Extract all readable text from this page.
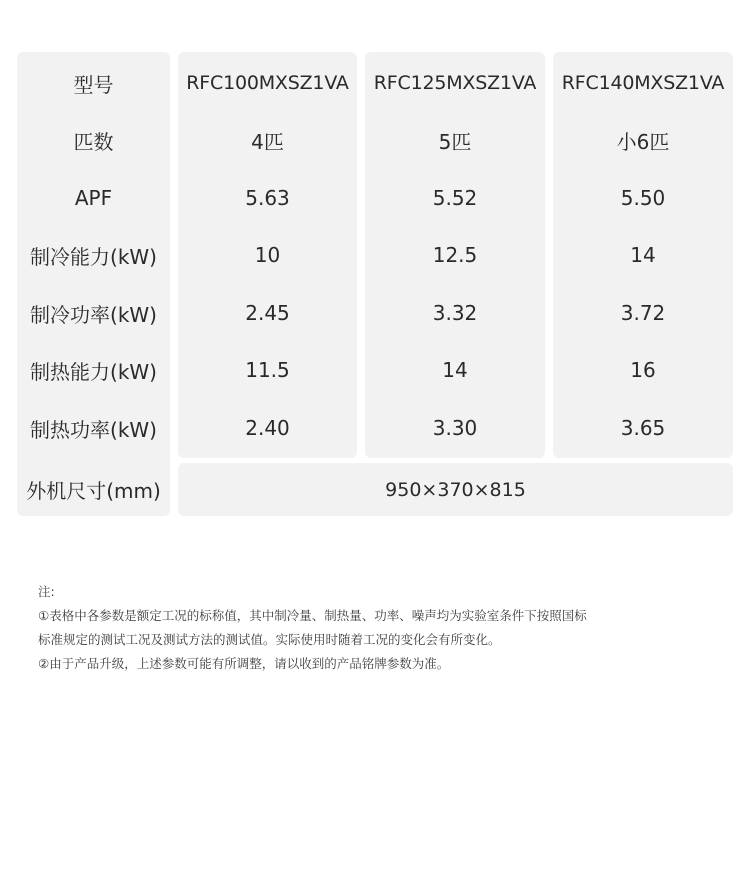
型号
匹数
APF
制冷能力(kW)
制冷功率(kW)
制热能力(kW)
制热功率(kW)
外机尺寸(mm)
RFC100MXSZ1VA
4匹
5.63
10
2.45
11.5
2.40
RFC125MXSZ1VA
5匹
5.52
12.5
3.32
14
3.30
RFC140MXSZ1VA
小6匹
5.50
14
3.72
16
3.65
950×370×815

注:

①表格中各参数是额定工况的标称值，其中制冷量、制热量、功率、噪声均为实验室条件下按照国标

标准规定的测试工况及测试方法的测试值。实际使用时随着工况的变化会有所变化。

②由于产品升级，上述参数可能有所调整，请以收到的产品铭牌参数为准。
